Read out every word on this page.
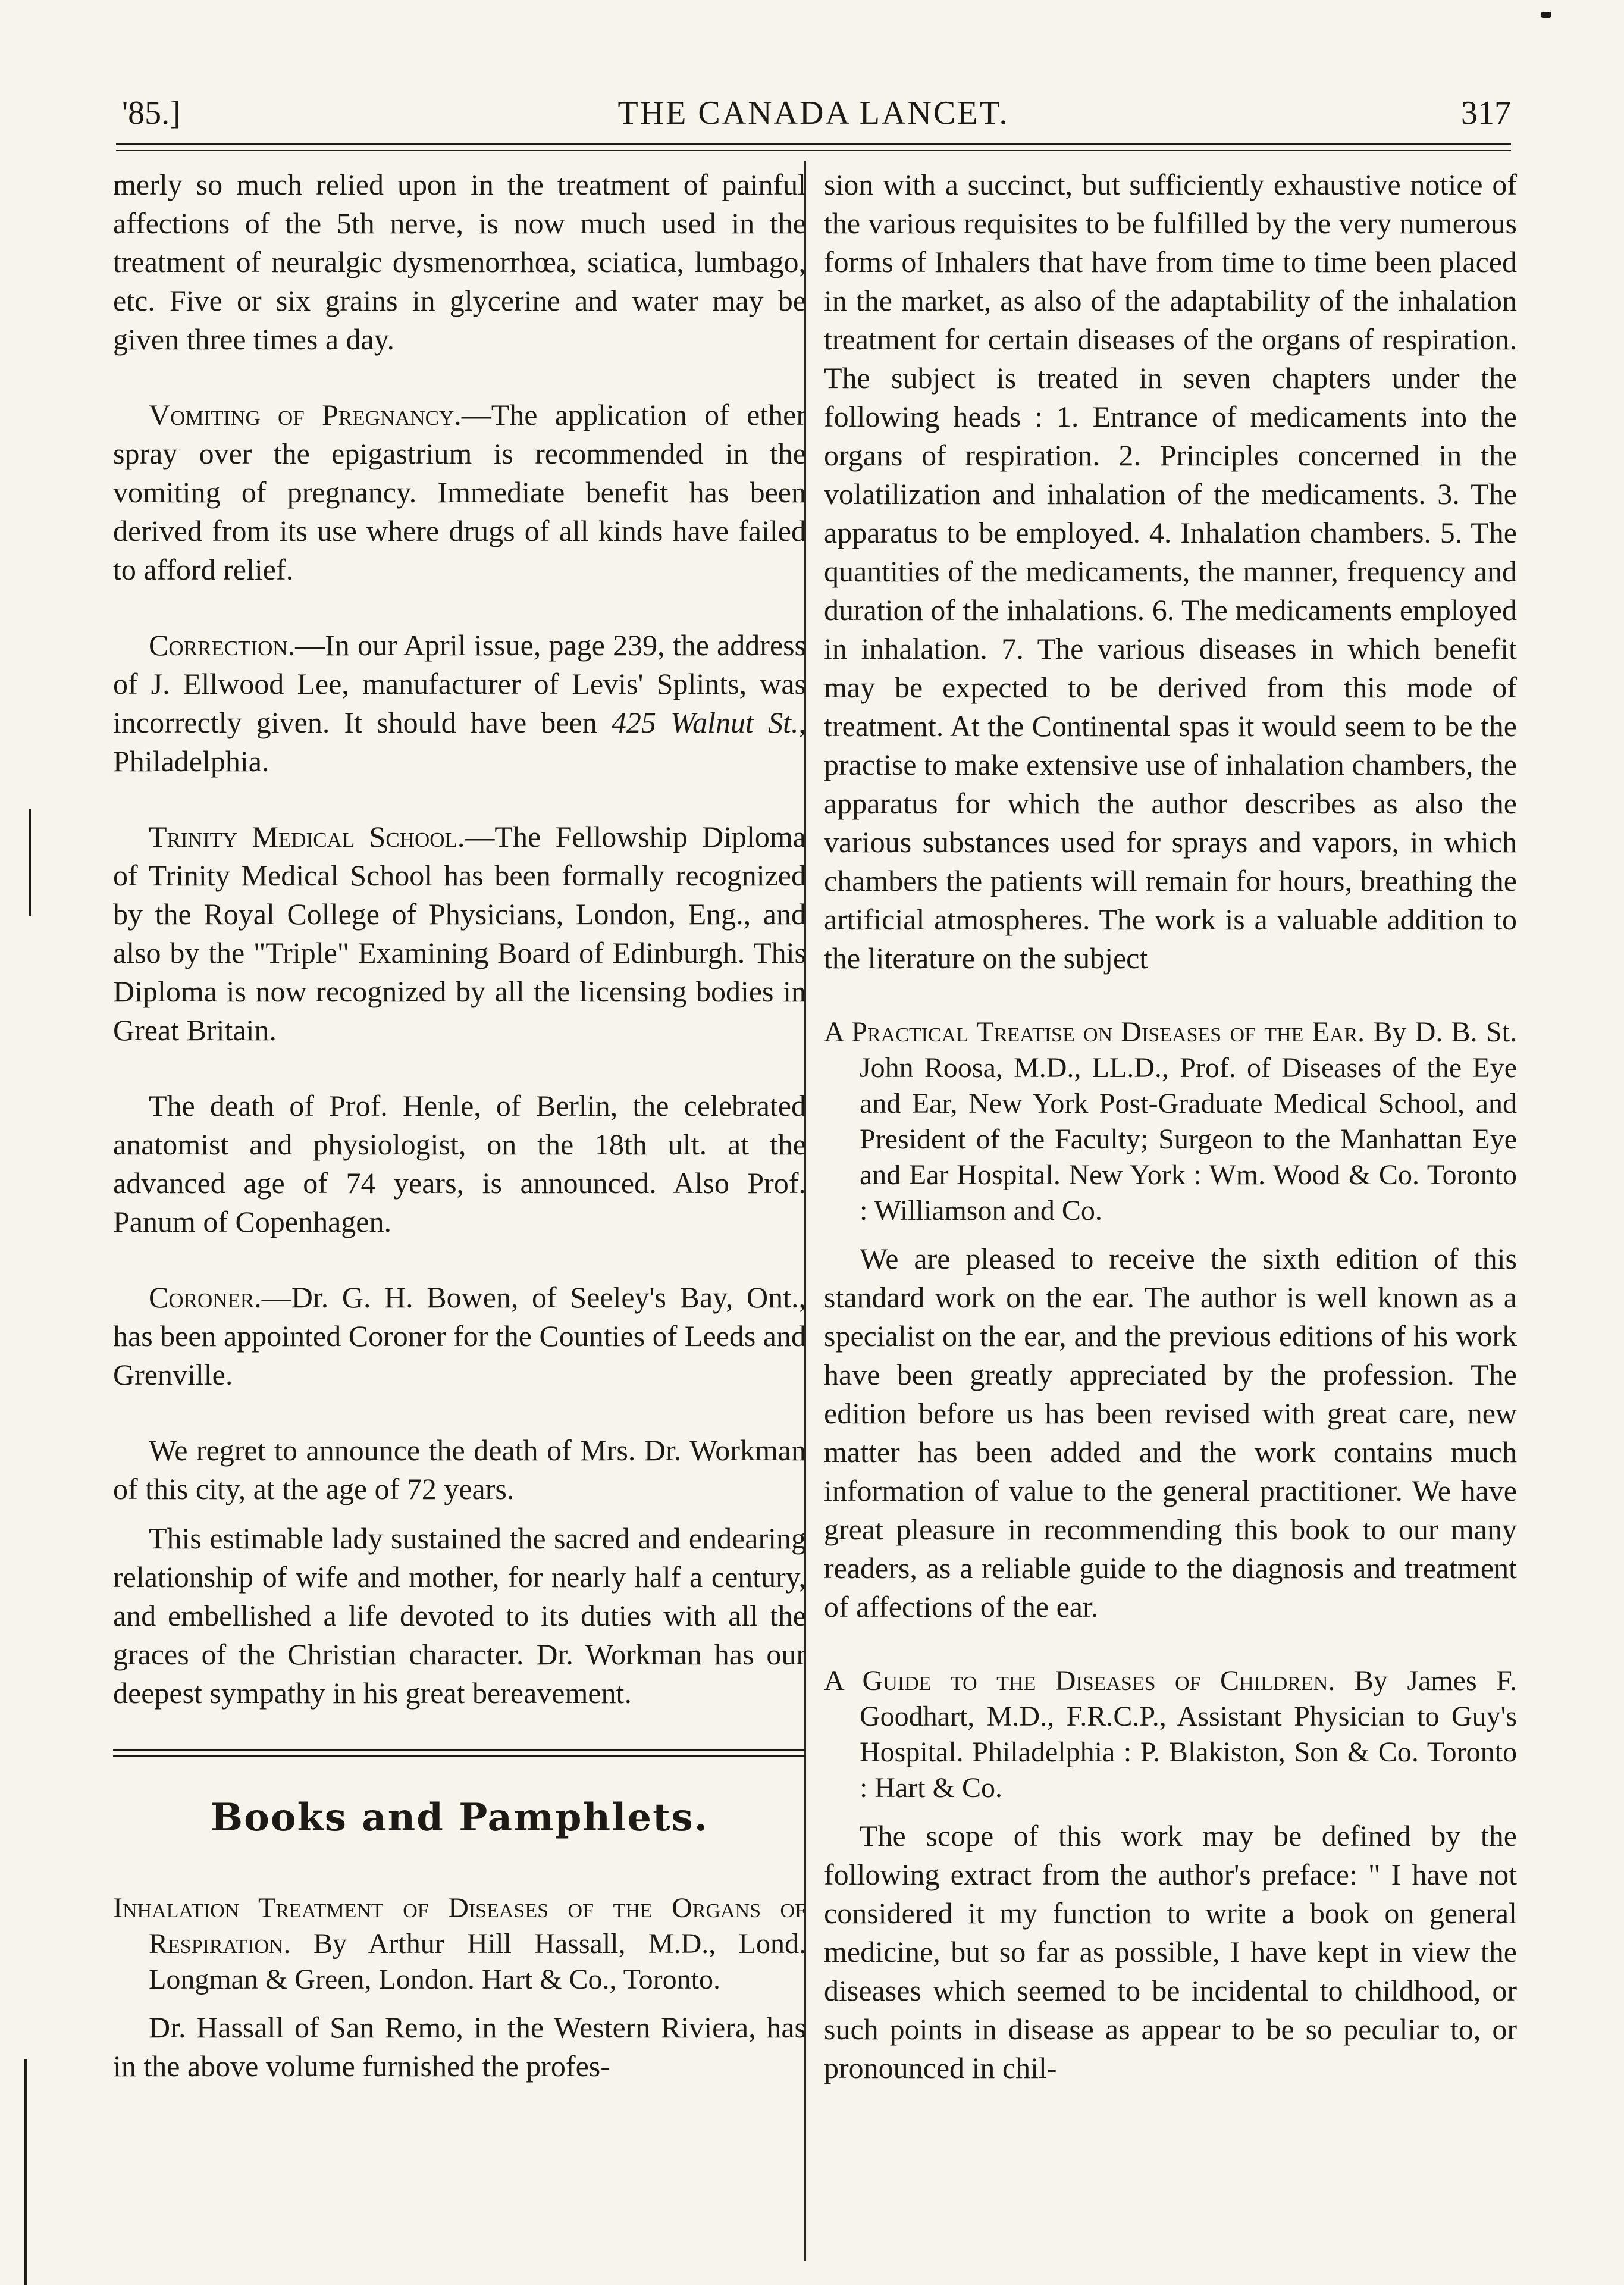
'85.]	THE CANADA LANCET.	317

merly so much relied upon in the treatment of painful affections of the 5th nerve, is now much used in the treatment of neuralgic dysmenorrhœa, sciatica, lumbago, etc. Five or six grains in glycerine and water may be given three times a day.

Vomiting of Pregnancy.—The application of ether spray over the epigastrium is recommended in the vomiting of pregnancy. Immediate benefit has been derived from its use where drugs of all kinds have failed to afford relief.

Correction.—In our April issue, page 239, the address of J. Ellwood Lee, manufacturer of Levis' Splints, was incorrectly given. It should have been 425 Walnut St., Philadelphia.

Trinity Medical School.—The Fellowship Diploma of Trinity Medical School has been formally recognized by the Royal College of Physicians, London, Eng., and also by the "Triple" Examining Board of Edinburgh. This Diploma is now recognized by all the licensing bodies in Great Britain.

The death of Prof. Henle, of Berlin, the celebrated anatomist and physiologist, on the 18th ult. at the advanced age of 74 years, is announced. Also Prof. Panum of Copenhagen.

Coroner.—Dr. G. H. Bowen, of Seeley's Bay, Ont., has been appointed Coroner for the Counties of Leeds and Grenville.

We regret to announce the death of Mrs. Dr. Workman of this city, at the age of 72 years.

This estimable lady sustained the sacred and endearing relationship of wife and mother, for nearly half a century, and embellished a life devoted to its duties with all the graces of the Christian character. Dr. Workman has our deepest sympathy in his great bereavement.

Books and Pamphlets.

Inhalation Treatment of Diseases of the Organs of Respiration. By Arthur Hill Hassall, M.D., Lond. Longman & Green, London. Hart & Co., Toronto.

Dr. Hassall of San Remo, in the Western Riviera, has in the above volume furnished the profes-

sion with a succinct, but sufficiently exhaustive notice of the various requisites to be fulfilled by the very numerous forms of Inhalers that have from time to time been placed in the market, as also of the adaptability of the inhalation treatment for certain diseases of the organs of respiration. The subject is treated in seven chapters under the following heads : 1. Entrance of medicaments into the organs of respiration. 2. Principles concerned in the volatilization and inhalation of the medicaments. 3. The apparatus to be employed. 4. Inhalation chambers. 5. The quantities of the medicaments, the manner, frequency and duration of the inhalations. 6. The medicaments employed in inhalation. 7. The various diseases in which benefit may be expected to be derived from this mode of treatment. At the Continental spas it would seem to be the practise to make extensive use of inhalation chambers, the apparatus for which the author describes as also the various substances used for sprays and vapors, in which chambers the patients will remain for hours, breathing the artificial atmospheres. The work is a valuable addition to the literature on the subject

A Practical Treatise on Diseases of the Ear. By D. B. St. John Roosa, M.D., LL.D., Prof. of Diseases of the Eye and Ear, New York Post-Graduate Medical School, and President of the Faculty; Surgeon to the Manhattan Eye and Ear Hospital. New York : Wm. Wood & Co. Toronto : Williamson and Co.

We are pleased to receive the sixth edition of this standard work on the ear. The author is well known as a specialist on the ear, and the previous editions of his work have been greatly appreciated by the profession. The edition before us has been revised with great care, new matter has been added and the work contains much information of value to the general practitioner. We have great pleasure in recommending this book to our many readers, as a reliable guide to the diagnosis and treatment of affections of the ear.

A Guide to the Diseases of Children. By James F. Goodhart, M.D., F.R.C.P., Assistant Physician to Guy's Hospital. Philadelphia : P. Blakiston, Son & Co. Toronto : Hart & Co.

The scope of this work may be defined by the following extract from the author's preface: " I have not considered it my function to write a book on general medicine, but so far as possible, I have kept in view the diseases which seemed to be incidental to childhood, or such points in disease as appear to be so peculiar to, or pronounced in chil-
